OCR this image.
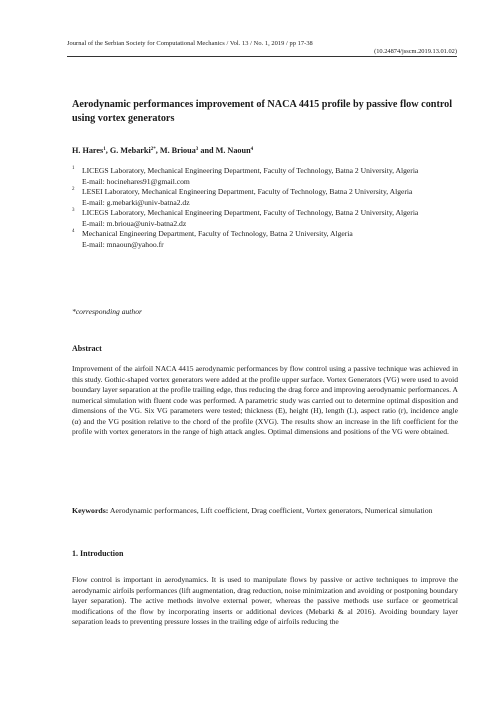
Journal of the Serbian Society for Computational Mechanics / Vol. 13 / No. 1, 2019 / pp 17-38
(10.24874/jsscm.2019.13.01.02)
Aerodynamic performances improvement of NACA 4415 profile by passive flow control using vortex generators
H. Hares$^1$, G. Mebarki$^{2*}$, M. Brioua$^3$ and M. Naoun$^4$
1 LICEGS Laboratory, Mechanical Engineering Department, Faculty of Technology, Batna 2 University, Algeria
E-mail: hocinehares91@gmail.com
2 LESEI Laboratory, Mechanical Engineering Department, Faculty of Technology, Batna 2 University, Algeria
E-mail: g.mebarki@univ-batna2.dz
3 LICEGS Laboratory, Mechanical Engineering Department, Faculty of Technology, Batna 2 University, Algeria
E-mail: m.brioua@univ-batna2.dz
4 Mechanical Engineering Department, Faculty of Technology, Batna 2 University, Algeria
E-mail: mnaoun@yahoo.fr
*corresponding author
Abstract
Improvement of the airfoil NACA 4415 aerodynamic performances by flow control using a passive technique was achieved in this study. Gothic-shaped vortex generators were added at the profile upper surface. Vortex Generators (VG) were used to avoid boundary layer separation at the profile trailing edge, thus reducing the drag force and improving aerodynamic performances. A numerical simulation with fluent code was performed. A parametric study was carried out to determine optimal disposition and dimensions of the VG. Six VG parameters were tested; thickness (E), height (H), length (L), aspect ratio (r), incidence angle (α) and the VG position relative to the chord of the profile (XVG). The results show an increase in the lift coefficient for the profile with vortex generators in the range of high attack angles. Optimal dimensions and positions of the VG were obtained.
Keywords: Aerodynamic performances, Lift coefficient, Drag coefficient, Vortex generators, Numerical simulation
1. Introduction
Flow control is important in aerodynamics. It is used to manipulate flows by passive or active techniques to improve the aerodynamic airfoils performances (lift augmentation, drag reduction, noise minimization and avoiding or postponing boundary layer separation). The active methods involve external power, whereas the passive methods use surface or geometrical modifications of the flow by incorporating inserts or additional devices (Mebarki & al 2016). Avoiding boundary layer separation leads to preventing pressure losses in the trailing edge of airfoils reducing the
